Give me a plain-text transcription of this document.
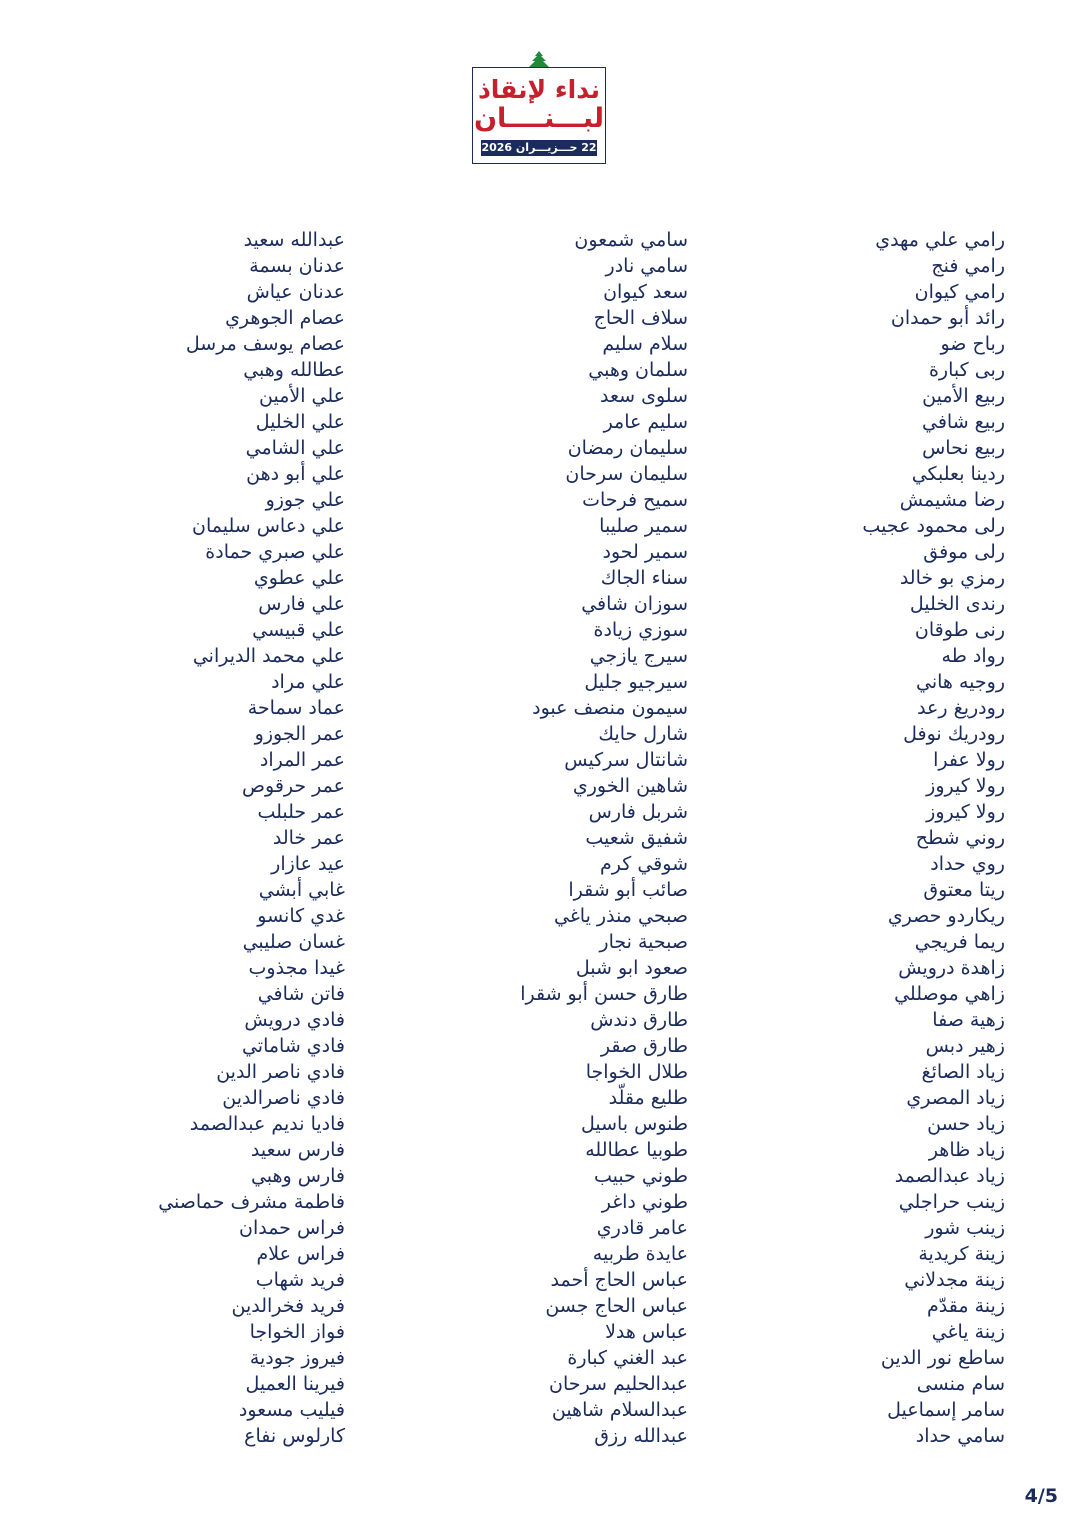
نداء لإنقاذ
لبـــنــــان
22 حـــزيـــران 2026
رامي علي مهدي
رامي فنج
رامي كيوان
رائد أبو حمدان
رباح ضو
ربى كبارة
ربيع الأمين
ربيع شافي
ربيع نحاس
ردينا بعلبكي
رضا مشيمش
رلى محمود عجيب
رلى موفق
رمزي بو خالد
رندى الخليل
رنى طوقان
رواد طه
روجيه هاني
رودريغ رعد
رودريك نوفل
رولا عفرا
رولا كيروز
رولا كيروز
روني شطح
روي حداد
ريتا معتوق
ريكاردو حصري
ريما فريجي
زاهدة درويش
زاهي موصللي
زهية صفا
زهير دبس
زياد الصائغ
زياد المصري
زياد حسن
زياد ظاهر
زياد عبدالصمد
زينب حراجلي
زينب شور
زينة كريدية
زينة مجدلاني
زينة مقدّم
زينة ياغي
ساطع نور الدين
سام منسى
سامر إسماعيل
سامي حداد
سامي شمعون
سامي نادر
سعد كيوان
سلاف الحاج
سلام سليم
سلمان وهبي
سلوى سعد
سليم عامر
سليمان رمضان
سليمان سرحان
سميح فرحات
سمير صليبا
سمير لحود
سناء الجاك
سوزان شافي
سوزي زيادة
سيرج يازجي
سيرجيو جليل
سيمون منصف عبود
شارل حايك
شانتال سركيس
شاهين الخوري
شربل فارس
شفيق شعيب
شوقي كرم
صائب أبو شقرا
صبحي منذر ياغي
صبحية نجار
صعود ابو شبل
طارق حسن أبو شقرا
طارق دندش
طارق صقر
طلال الخواجا
طليع مقلّد
طنوس باسيل
طوبيا عطالله
طوني حبيب
طوني داغر
عامر قادري
عايدة طربيه
عباس الحاج أحمد
عباس الحاج جسن
عباس هدلا
عبد الغني كبارة
عبدالحليم سرحان
عبدالسلام شاهين
عبدالله رزق
عبدالله سعيد
عدنان بسمة
عدنان عياش
عصام الجوهري
عصام يوسف مرسل
عطالله وهبي
علي الأمين
علي الخليل
علي الشامي
علي أبو دهن
علي جوزو
علي دعاس سليمان
علي صبري حمادة
علي عطوي
علي فارس
علي قبيسي
علي محمد الديراني
علي مراد
عماد سماحة
عمر الجوزو
عمر المراد
عمر حرقوص
عمر حلبلب
عمر خالد
عيد عازار
غابي أبشي
غدي كانسو
غسان صليبي
غيدا مجذوب
فاتن شافي
فادي درويش
فادي شاماتي
فادي ناصر الدين
فادي ناصرالدين
فاديا نديم عبدالصمد
فارس سعيد
فارس وهبي
فاطمة مشرف حماصني
فراس حمدان
فراس علام
فريد شهاب
فريد فخرالدين
فواز الخواجا
فيروز جودية
فيرينا العميل
فيليب مسعود
كارلوس نفاع
4/5
